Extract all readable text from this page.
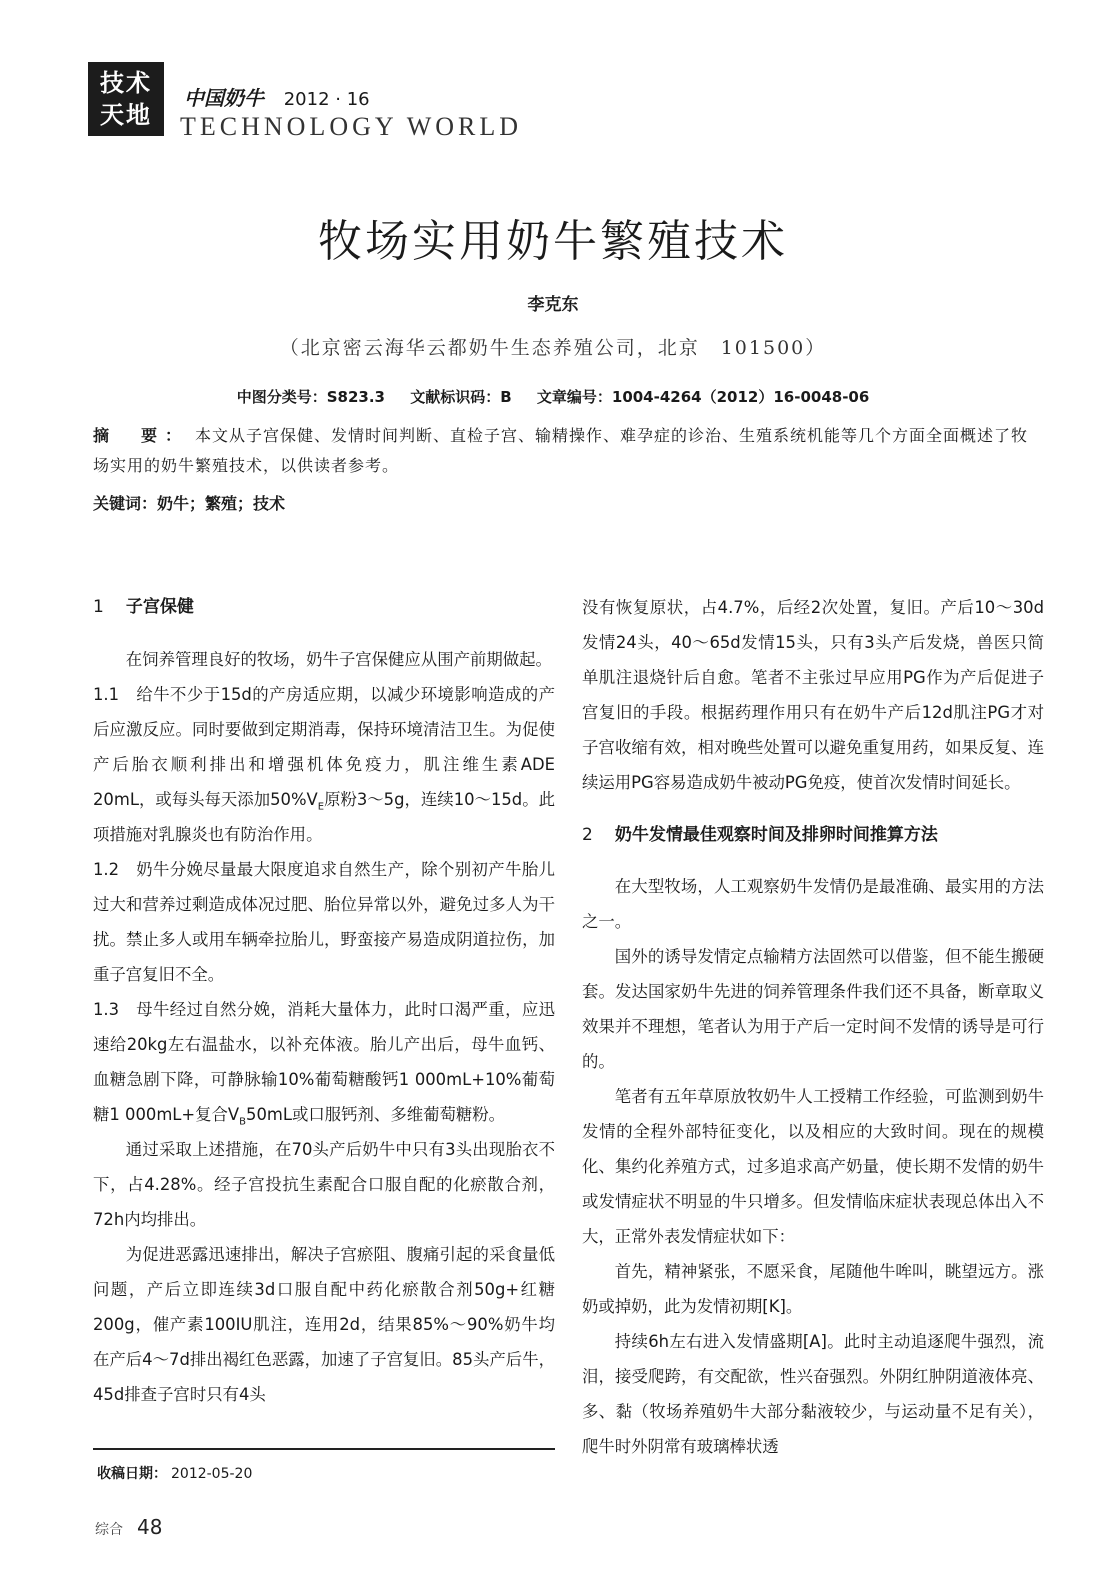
技术
天地
中国奶牛 2012 · 16
TECHNOLOGY WORLD
牧场实用奶牛繁殖技术
李克东
（北京密云海华云都奶牛生态养殖公司，北京　101500）
中图分类号：S823.3 文献标识码：B 文章编号：1004-4264（2012）16-0048-06
摘　要： 本文从子宫保健、发情时间判断、直检子宫、输精操作、难孕症的诊治、生殖系统机能等几个方面全面概述了牧场实用的奶牛繁殖技术，以供读者参考。
关键词：奶牛；繁殖；技术
1 子宫保健

在饲养管理良好的牧场，奶牛子宫保健应从围产前期做起。

1.1　给牛不少于15d的产房适应期，以减少环境影响造成的产后应激反应。同时要做到定期消毒，保持环境清洁卫生。为促使产后胎衣顺利排出和增强机体免疫力，肌注维生素ADE 20mL，或每头每天添加$50\%V_E$原粉3～5g，连续10～15d。此项措施对乳腺炎也有防治作用。

1.2　奶牛分娩尽量最大限度追求自然生产，除个别初产牛胎儿过大和营养过剩造成体况过肥、胎位异常以外，避免过多人为干扰。禁止多人或用车辆牵拉胎儿，野蛮接产易造成阴道拉伤，加重子宫复旧不全。

1.3　母牛经过自然分娩，消耗大量体力，此时口渴严重，应迅速给20kg左右温盐水，以补充体液。胎儿产出后，母牛血钙、血糖急剧下降，可静脉输10%葡萄糖酸钙1 000mL+10%葡萄糖1 000mL+复合$V_B50mL$或口服钙剂、多维葡萄糖粉。

通过采取上述措施，在70头产后奶牛中只有3头出现胎衣不下，占4.28%。经子宫投抗生素配合口服自配的化瘀散合剂，72h内均排出。

为促进恶露迅速排出，解决子宫瘀阻、腹痛引起的采食量低问题，产后立即连续3d口服自配中药化瘀散合剂50g+红糖200g，催产素100IU肌注，连用2d，结果85%～90%奶牛均在产后4～7d排出褐红色恶露，加速了子宫复旧。85头产后牛，45d排查子宫时只有4头

没有恢复原状，占4.7%，后经2次处置，复旧。产后10～30d发情24头，40～65d发情15头，只有3头产后发烧，兽医只简单肌注退烧针后自愈。笔者不主张过早应用PG作为产后促进子宫复旧的手段。根据药理作用只有在奶牛产后12d肌注PG才对子宫收缩有效，相对晚些处置可以避免重复用药，如果反复、连续运用PG容易造成奶牛被动PG免疫，使首次发情时间延长。

2 奶牛发情最佳观察时间及排卵时间推算方法

在大型牧场，人工观察奶牛发情仍是最准确、最实用的方法之一。

国外的诱导发情定点输精方法固然可以借鉴，但不能生搬硬套。发达国家奶牛先进的饲养管理条件我们还不具备，断章取义效果并不理想，笔者认为用于产后一定时间不发情的诱导是可行的。

笔者有五年草原放牧奶牛人工授精工作经验，可监测到奶牛发情的全程外部特征变化，以及相应的大致时间。现在的规模化、集约化养殖方式，过多追求高产奶量，使长期不发情的奶牛或发情症状不明显的牛只增多。但发情临床症状表现总体出入不大，正常外表发情症状如下：

首先，精神紧张，不愿采食，尾随他牛哞叫，眺望远方。涨奶或掉奶，此为发情初期[K]。

持续6h左右进入发情盛期[A]。此时主动追逐爬牛强烈，流泪，接受爬跨，有交配欲，性兴奋强烈。外阴红肿阴道液体亮、多、黏（牧场养殖奶牛大部分黏液较少，与运动量不足有关），爬牛时外阴常有玻璃棒状透

收稿日期： 2012-05-20
综合 48
